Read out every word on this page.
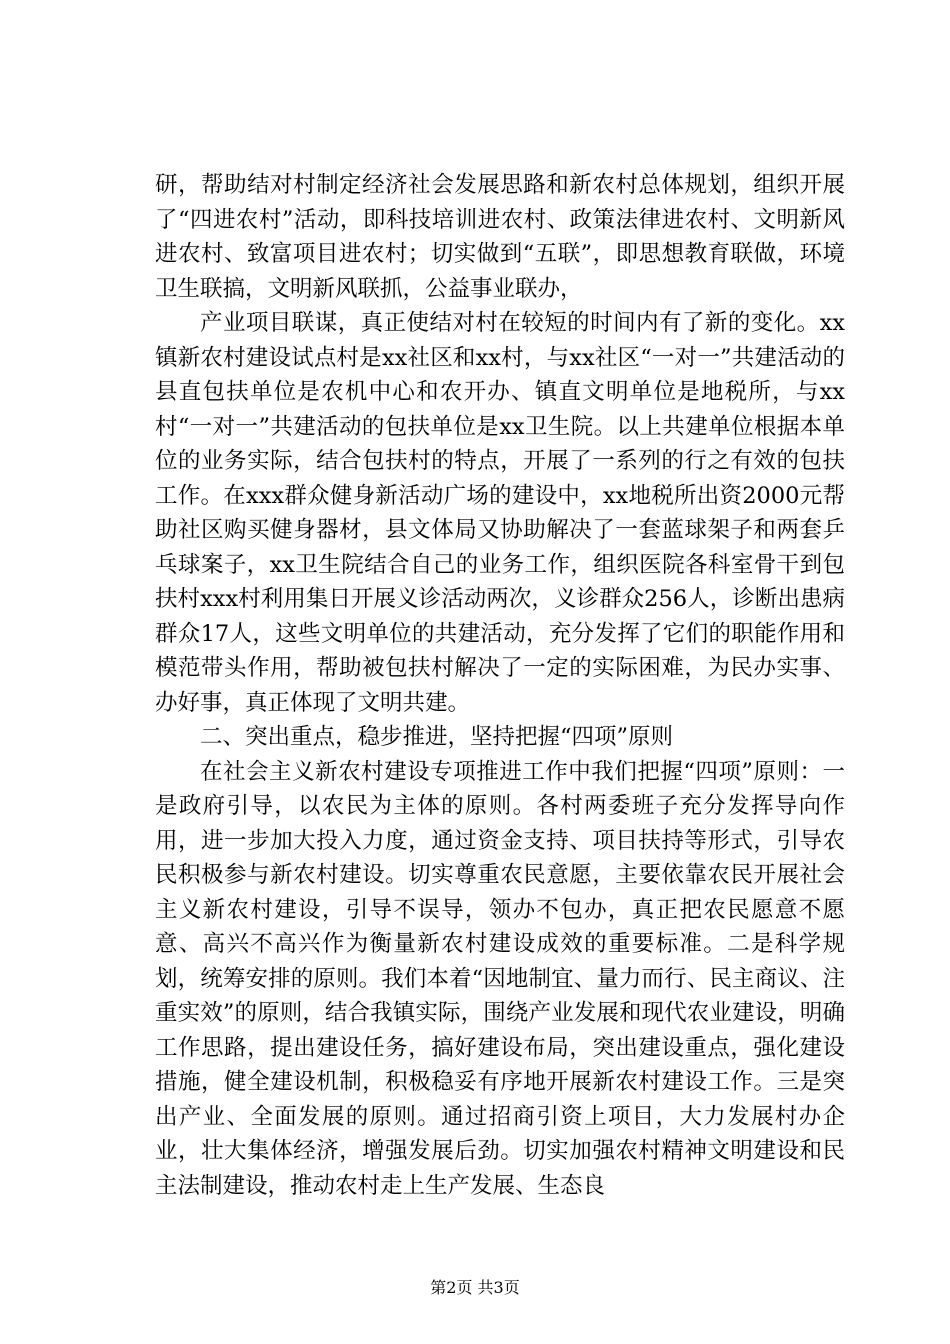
研，帮助结对村制定经济社会发展思路和新农村总体规划，组织开展了“四进农村”活动，即科技培训进农村、政策法律进农村、文明新风进农村、致富项目进农村；切实做到“五联”，即思想教育联做，环境卫生联搞，文明新风联抓，公益事业联办，

产业项目联谋，真正使结对村在较短的时间内有了新的变化。xx镇新农村建设试点村是xx社区和xx村，与xx社区“一对一”共建活动的县直包扶单位是农机中心和农开办、镇直文明单位是地税所，与xx村“一对一”共建活动的包扶单位是xx卫生院。以上共建单位根据本单位的业务实际，结合包扶村的特点，开展了一系列的行之有效的包扶工作。在xxx群众健身新活动广场的建设中，xx地税所出资2000元帮助社区购买健身器材，县文体局又协助解决了一套蓝球架子和两套乒乓球案子，xx卫生院结合自己的业务工作，组织医院各科室骨干到包扶村xxx村利用集日开展义诊活动两次，义诊群众256人，诊断出患病群众17人，这些文明单位的共建活动，充分发挥了它们的职能作用和模范带头作用，帮助被包扶村解决了一定的实际困难，为民办实事、办好事，真正体现了文明共建。

二、突出重点，稳步推进，坚持把握“四项”原则

在社会主义新农村建设专项推进工作中我们把握“四项”原则：一是政府引导，以农民为主体的原则。各村两委班子充分发挥导向作用，进一步加大投入力度，通过资金支持、项目扶持等形式，引导农民积极参与新农村建设。切实尊重农民意愿，主要依靠农民开展社会主义新农村建设，引导不误导，领办不包办，真正把农民愿意不愿意、高兴不高兴作为衡量新农村建设成效的重要标准。二是科学规划，统筹安排的原则。我们本着“因地制宜、量力而行、民主商议、注重实效”的原则，结合我镇实际，围绕产业发展和现代农业建设，明确工作思路，提出建设任务，搞好建设布局，突出建设重点，强化建设措施，健全建设机制，积极稳妥有序地开展新农村建设工作。三是突出产业、全面发展的原则。通过招商引资上项目，大力发展村办企业，壮大集体经济，增强发展后劲。切实加强农村精神文明建设和民主法制建设，推动农村走上生产发展、生态良

第2页 共3页
